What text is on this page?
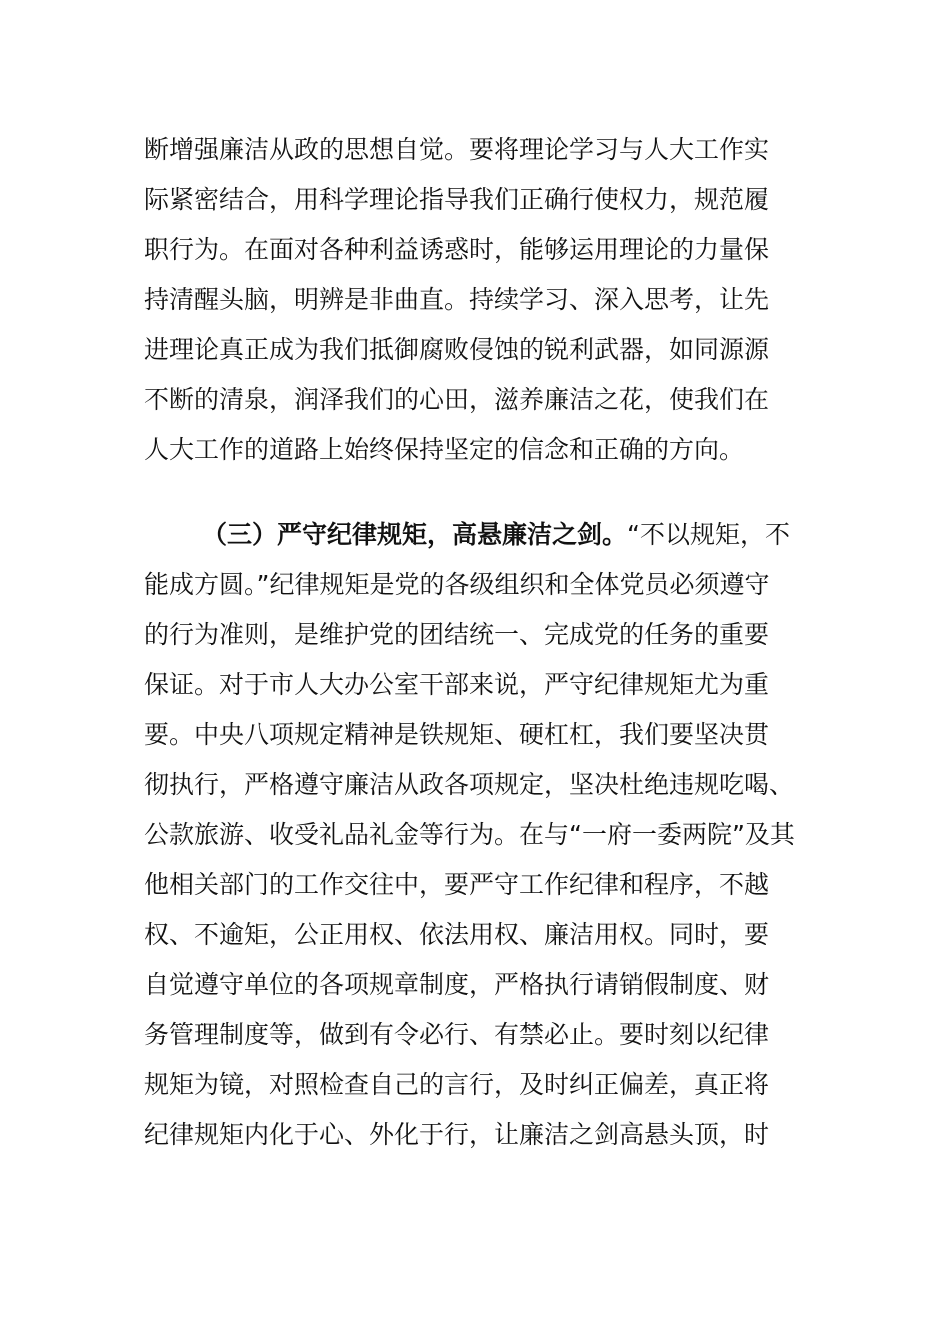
断增强廉洁从政的思想自觉。要将理论学习与人大工作实
际紧密结合，用科学理论指导我们正确行使权力，规范履
职行为。在面对各种利益诱惑时，能够运用理论的力量保
持清醒头脑，明辨是非曲直。持续学习、深入思考，让先
进理论真正成为我们抵御腐败侵蚀的锐利武器，如同源源
不断的清泉，润泽我们的心田，滋养廉洁之花，使我们在
人大工作的道路上始终保持坚定的信念和正确的方向。
（三）严守纪律规矩，高悬廉洁之剑。“不以规矩，不
能成方圆。”纪律规矩是党的各级组织和全体党员必须遵守
的行为准则，是维护党的团结统一、完成党的任务的重要
保证。对于市人大办公室干部来说，严守纪律规矩尤为重
要。中央八项规定精神是铁规矩、硬杠杠，我们要坚决贯
彻执行，严格遵守廉洁从政各项规定，坚决杜绝违规吃喝、
公款旅游、收受礼品礼金等行为。在与“一府一委两院”及其
他相关部门的工作交往中，要严守工作纪律和程序，不越
权、不逾矩，公正用权、依法用权、廉洁用权。同时，要
自觉遵守单位的各项规章制度，严格执行请销假制度、财
务管理制度等，做到有令必行、有禁必止。要时刻以纪律
规矩为镜，对照检查自己的言行，及时纠正偏差，真正将
纪律规矩内化于心、外化于行，让廉洁之剑高悬头顶，时
